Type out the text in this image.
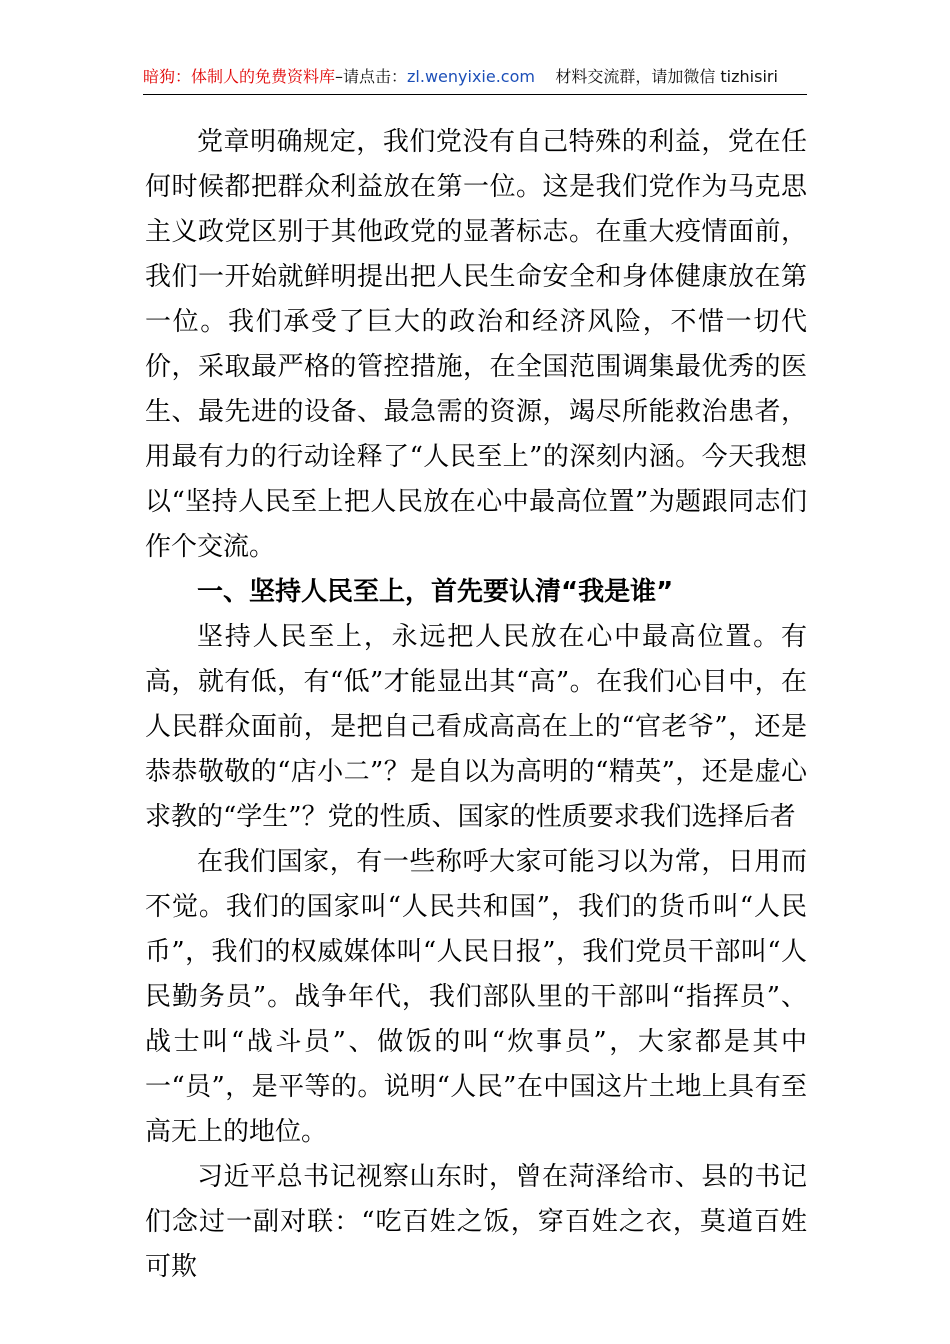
暗狗：体制人的免费资料库–请点击：zl.wenyixie.com 材料交流群，请加微信 tizhisiri

党章明确规定，我们党没有自己特殊的利益，党在任何时候都把群众利益放在第一位。这是我们党作为马克思主义政党区别于其他政党的显著标志。在重大疫情面前，我们一开始就鲜明提出把人民生命安全和身体健康放在第一位。我们承受了巨大的政治和经济风险，不惜一切代价，采取最严格的管控措施，在全国范围调集最优秀的医生、最先进的设备、最急需的资源，竭尽所能救治患者，用最有力的行动诠释了“人民至上”的深刻内涵。今天我想以“坚持人民至上把人民放在心中最高位置”为题跟同志们作个交流。

一、坚持人民至上，首先要认清“我是谁”

坚持人民至上，永远把人民放在心中最高位置。有高，就有低，有“低”才能显出其“高”。在我们心目中，在人民群众面前，是把自己看成高高在上的“官老爷”，还是恭恭敬敬的“店小二”？是自以为高明的“精英”，还是虚心求教的“学生”？党的性质、国家的性质要求我们选择后者

在我们国家，有一些称呼大家可能习以为常，日用而不觉。我们的国家叫“人民共和国”，我们的货币叫“人民币”，我们的权威媒体叫“人民日报”，我们党员干部叫“人民勤务员”。战争年代，我们部队里的干部叫“指挥员”、战士叫“战斗员”、做饭的叫“炊事员”，大家都是其中一“员”，是平等的。说明“人民”在中国这片土地上具有至高无上的地位。

习近平总书记视察山东时，曾在菏泽给市、县的书记们念过一副对联：“吃百姓之饭，穿百姓之衣，莫道百姓可欺
